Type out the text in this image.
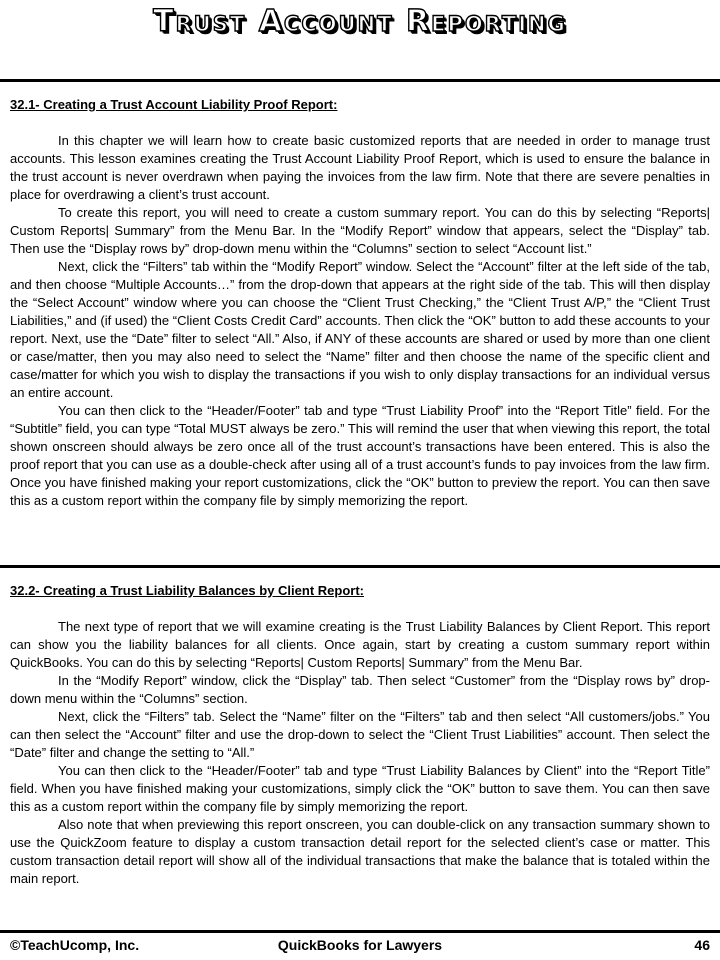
Trust Account Reporting
32.1- Creating a Trust Account Liability Proof Report:

In this chapter we will learn how to create basic customized reports that are needed in order to manage trust accounts. This lesson examines creating the Trust Account Liability Proof Report, which is used to ensure the balance in the trust account is never overdrawn when paying the invoices from the law firm. Note that there are severe penalties in place for overdrawing a client’s trust account.

To create this report, you will need to create a custom summary report. You can do this by selecting “Reports| Custom Reports| Summary” from the Menu Bar. In the “Modify Report” window that appears, select the “Display” tab. Then use the “Display rows by” drop-down menu within the “Columns” section to select “Account list.”

Next, click the “Filters” tab within the “Modify Report” window. Select the “Account” filter at the left side of the tab, and then choose “Multiple Accounts…” from the drop-down that appears at the right side of the tab. This will then display the “Select Account” window where you can choose the “Client Trust Checking,” the “Client Trust A/P,” the “Client Trust Liabilities,” and (if used) the “Client Costs Credit Card” accounts. Then click the “OK” button to add these accounts to your report. Next, use the “Date” filter to select “All.” Also, if ANY of these accounts are shared or used by more than one client or case/matter, then you may also need to select the “Name” filter and then choose the name of the specific client and case/matter for which you wish to display the transactions if you wish to only display transactions for an individual versus an entire account.

You can then click to the “Header/Footer” tab and type “Trust Liability Proof” into the “Report Title” field. For the “Subtitle” field, you can type “Total MUST always be zero.” This will remind the user that when viewing this report, the total shown onscreen should always be zero once all of the trust account’s transactions have been entered. This is also the proof report that you can use as a double-check after using all of a trust account’s funds to pay invoices from the law firm. Once you have finished making your report customizations, click the “OK” button to preview the report. You can then save this as a custom report within the company file by simply memorizing the report.

32.2- Creating a Trust Liability Balances by Client Report:

The next type of report that we will examine creating is the Trust Liability Balances by Client Report. This report can show you the liability balances for all clients. Once again, start by creating a custom summary report within QuickBooks. You can do this by selecting “Reports| Custom Reports| Summary” from the Menu Bar.

In the “Modify Report” window, click the “Display” tab. Then select “Customer” from the “Display rows by” drop-down menu within the “Columns” section.

Next, click the “Filters” tab. Select the “Name” filter on the “Filters” tab and then select “All customers/jobs.” You can then select the “Account” filter and use the drop-down to select the “Client Trust Liabilities” account. Then select the “Date” filter and change the setting to “All.”

You can then click to the “Header/Footer” tab and type “Trust Liability Balances by Client” into the “Report Title” field. When you have finished making your customizations, simply click the “OK” button to save them. You can then save this as a custom report within the company file by simply memorizing the report.

Also note that when previewing this report onscreen, you can double-click on any transaction summary shown to use the QuickZoom feature to display a custom transaction detail report for the selected client’s case or matter. This custom transaction detail report will show all of the individual transactions that make the balance that is totaled within the main report.

©TeachUcomp, Inc.	QuickBooks for Lawyers	46
